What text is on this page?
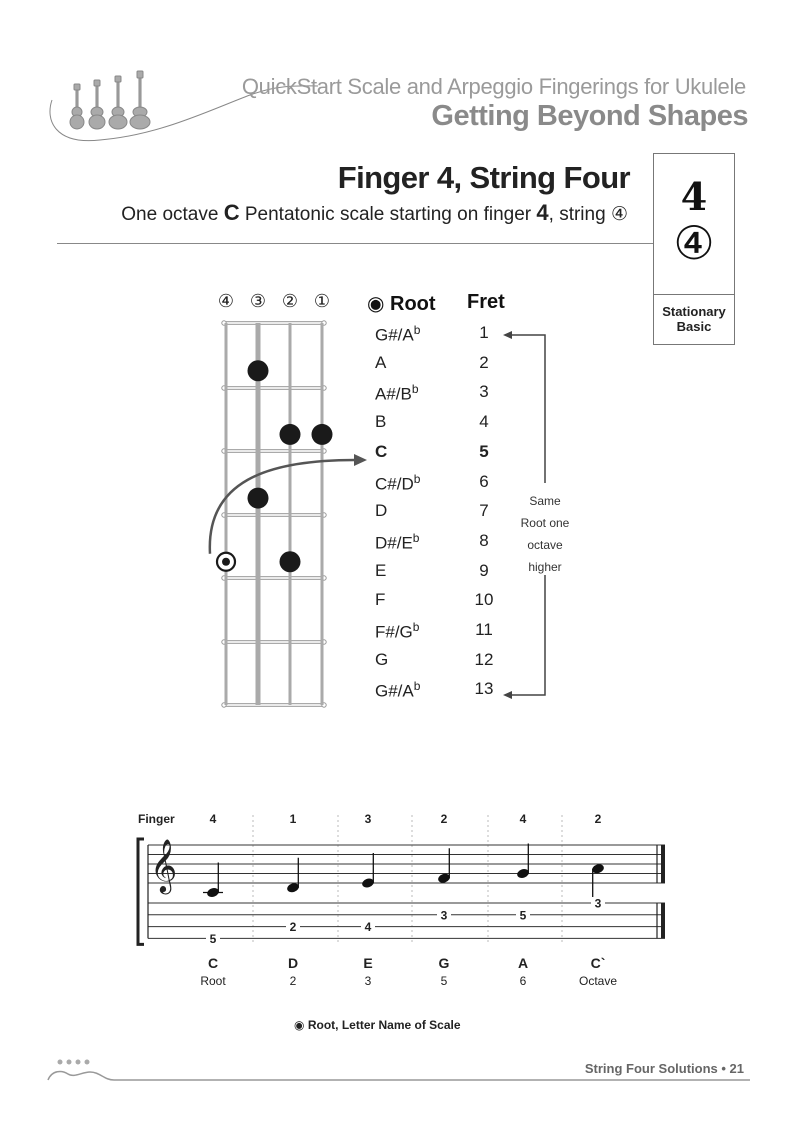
QuickStart Scale and Arpeggio Fingerings for Ukulele
Getting Beyond Shapes
Finger 4, String Four
One octave C Pentatonic scale starting on finger 4, string ④	4
④
Stationary
Basic
④ ③ ② ① ◉ Root Fret
$G\#/A^b$	1
A	2
$A\#/B^b$	3
B	4
C	5
$C\#/D^b$	6
D	7
$D\#/E^b$	8
E	9
F	10
$F\#/G^b$	11
G	12
$G\#/A^b$	13
Same
Root one
octave
higher
Finger	4	1	3	2	4	2
𝄞
5
2	4
3	5
3
C
Root
D
2
E
3
G
5
A
6
C`
Octave
◉ Root, Letter Name of Scale
String Four Solutions • 21
